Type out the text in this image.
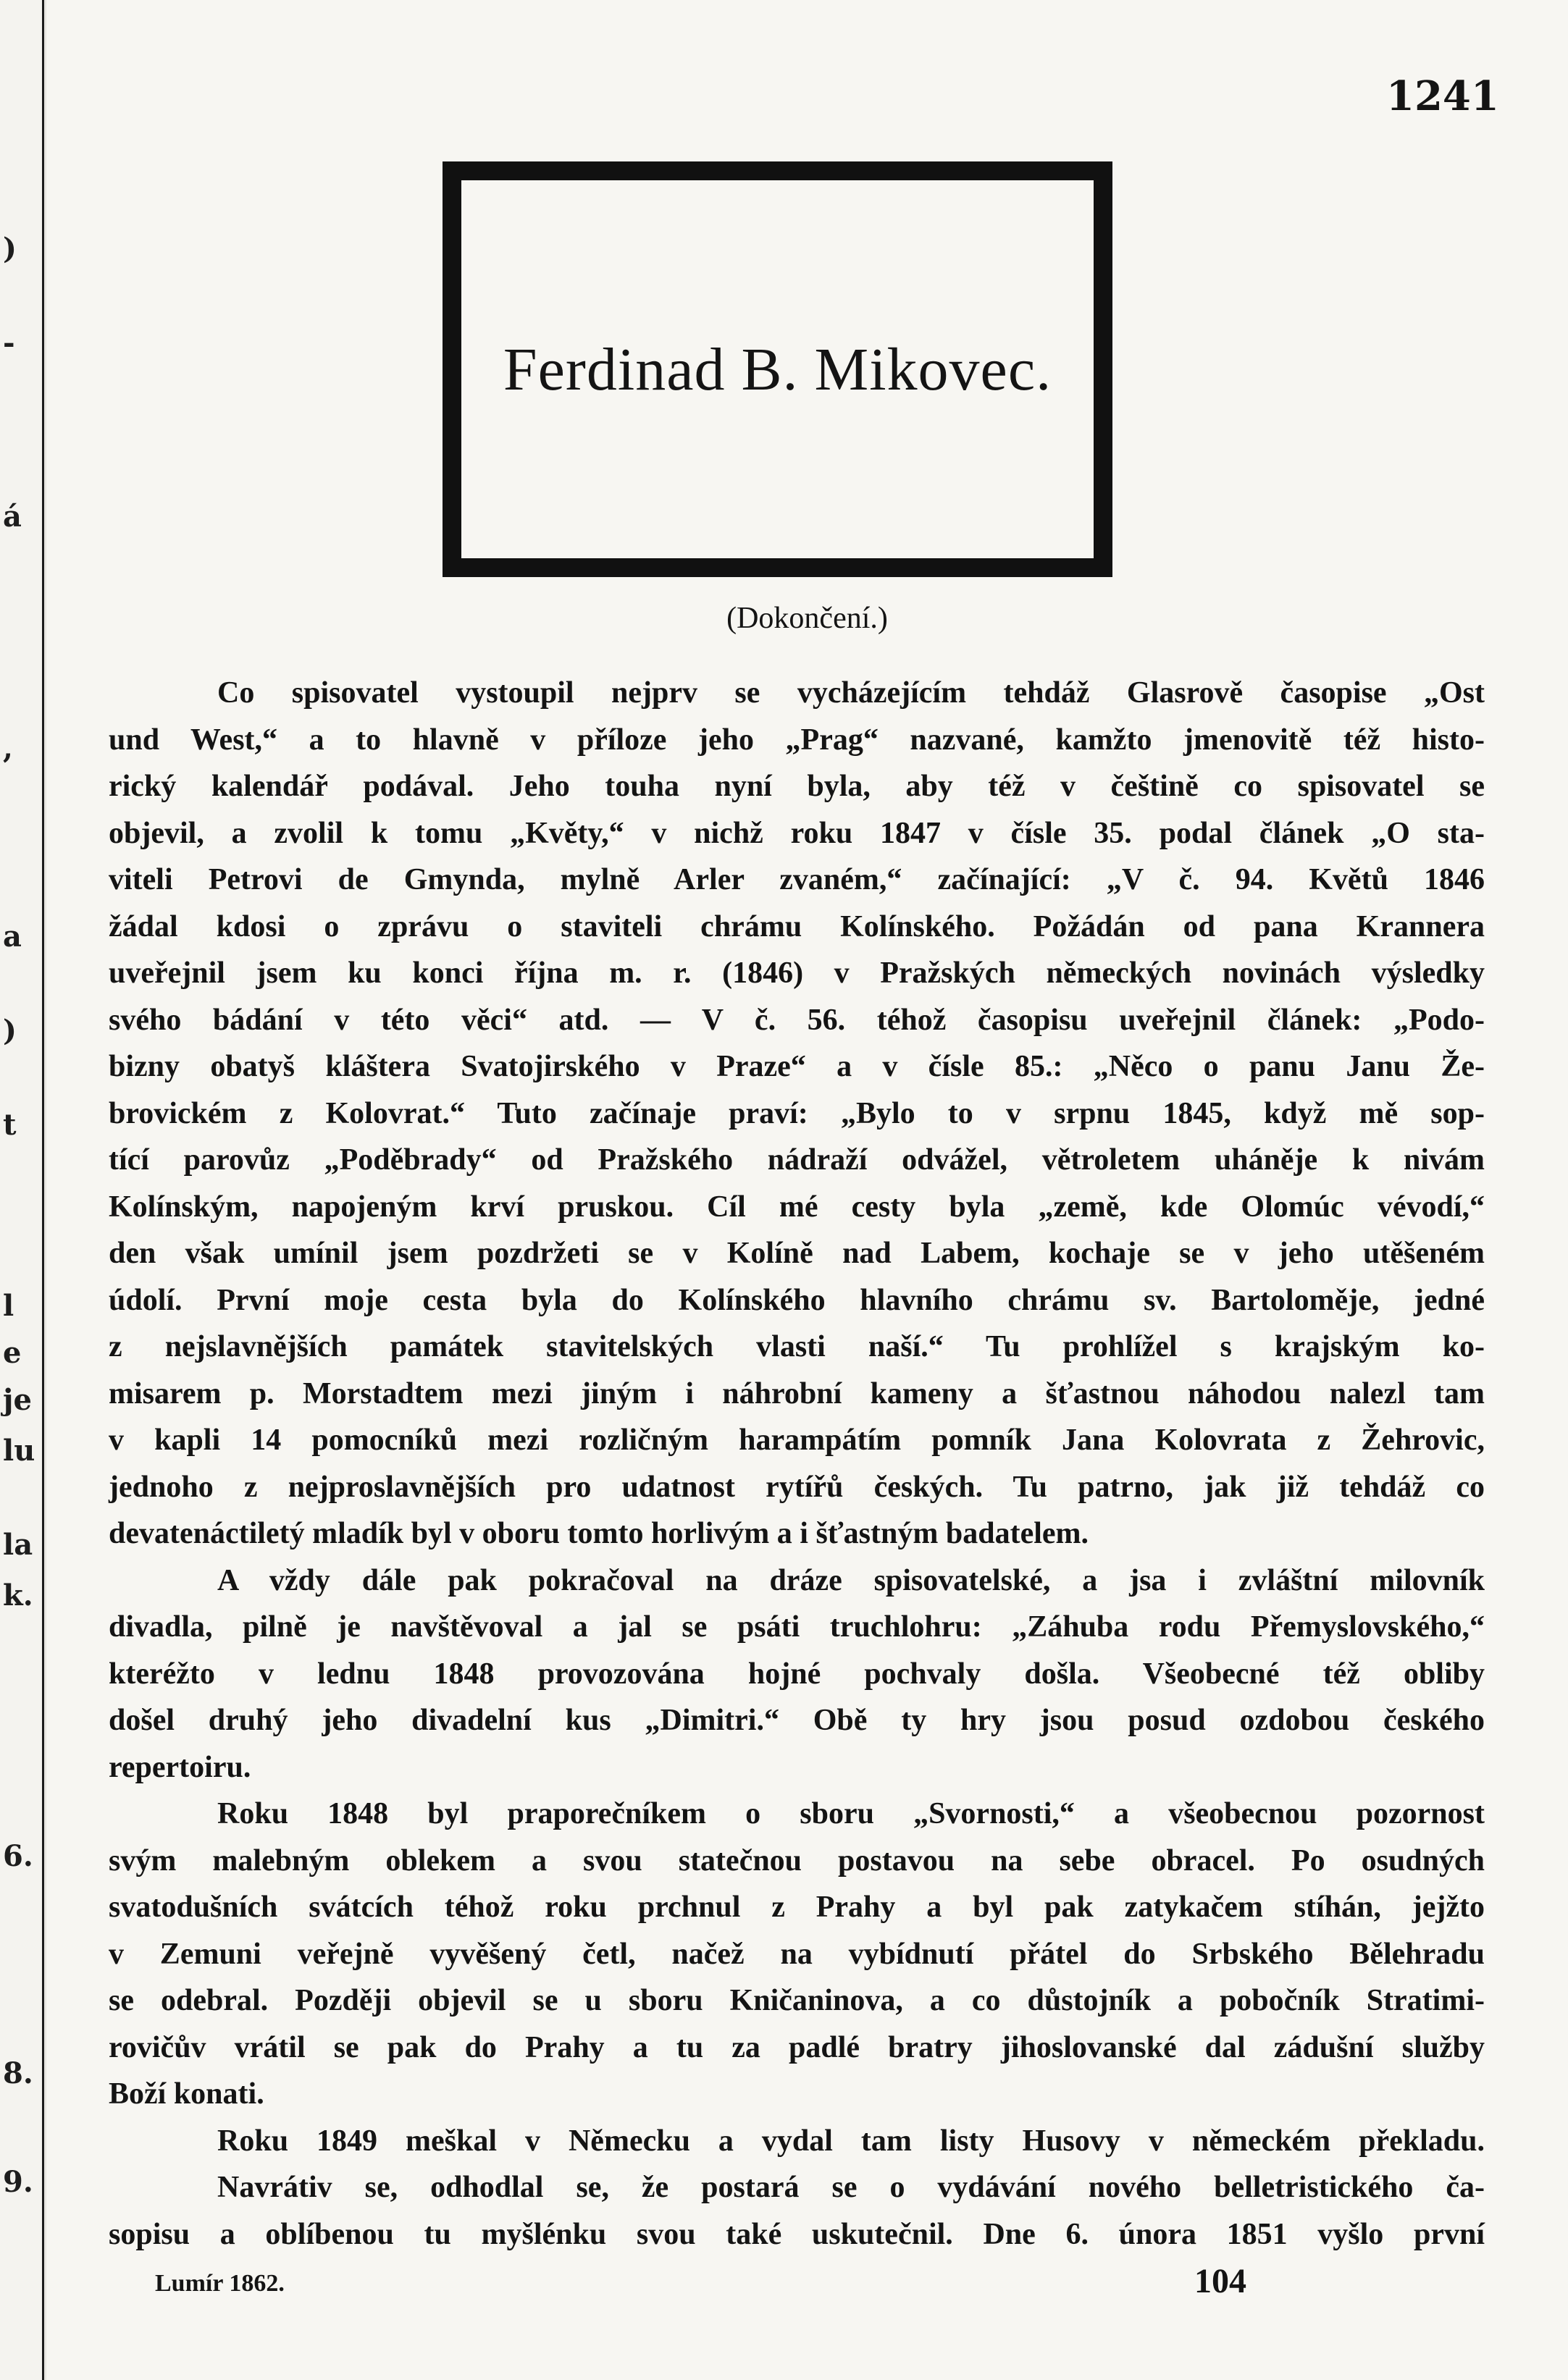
)
-
,
á
a
)
t
l
e
je
lu
la
k.
6.
8.
9.
1241
Ferdinad B. Mikovec.
(Dokončení.)
Co spisovatel vystoupil nejprv se vycházejícím tehdáž Glasrově časopise „Ost
und West,“ a to hlavně v příloze jeho „Prag“ nazvané, kamžto jmenovitě též histo-
rický kalendář podával. Jeho touha nyní byla, aby též v češtině co spisovatel se
objevil, a zvolil k tomu „Květy,“ v nichž roku 1847 v čísle 35. podal článek „O sta-
viteli Petrovi de Gmynda, mylně Arler zvaném,“ začínající: „V č. 94. Květů 1846
žádal kdosi o zprávu o staviteli chrámu Kolínského. Požádán od pana Krannera
uveřejnil jsem ku konci října m. r. (1846) v Pražských německých novinách výsledky
svého bádání v této věci“ atd. — V č. 56. téhož časopisu uveřejnil článek: „Podo-
bizny obatyš kláštera Svatojirského v Praze“ a v čísle 85.: „Něco o panu Janu Že-
brovickém z Kolovrat.“ Tuto začínaje praví: „Bylo to v srpnu 1845, když mě sop-
tící parovůz „Poděbrady“ od Pražského nádraží odvážel, větroletem uháněje k nivám
Kolínským, napojeným krví pruskou. Cíl mé cesty byla „země, kde Olomúc vévodí,“
den však umínil jsem pozdržeti se v Kolíně nad Labem, kochaje se v jeho utěšeném
údolí. První moje cesta byla do Kolínského hlavního chrámu sv. Bartoloměje, jedné
z nejslavnějších památek stavitelských vlasti naší.“ Tu prohlížel s krajským ko-
misarem p. Morstadtem mezi jiným i náhrobní kameny a šťastnou náhodou nalezl tam
v kapli 14 pomocníků mezi rozličným harampátím pomník Jana Kolovrata z Žehrovic,
jednoho z nejproslavnějších pro udatnost rytířů českých. Tu patrno, jak již tehdáž co
devatenáctiletý mladík byl v oboru tomto horlivým a i šťastným badatelem.
A vždy dále pak pokračoval na dráze spisovatelské, a jsa i zvláštní milovník
divadla, pilně je navštěvoval a jal se psáti truchlohru: „Záhuba rodu Přemyslovského,“
kteréžto v lednu 1848 provozována hojné pochvaly došla. Všeobecné též obliby
došel druhý jeho divadelní kus „Dimitri.“ Obě ty hry jsou posud ozdobou českého
repertoiru.
Roku 1848 byl praporečníkem o sboru „Svornosti,“ a všeobecnou pozornost
svým malebným oblekem a svou statečnou postavou na sebe obracel. Po osudných
svatodušních svátcích téhož roku prchnul z Prahy a byl pak zatykačem stíhán, jejžto
v Zemuni veřejně vyvěšený četl, načež na vybídnutí přátel do Srbského Bělehradu
se odebral. Později objevil se u sboru Kničaninova, a co důstojník a pobočník Stratimi-
rovičův vrátil se pak do Prahy a tu za padlé bratry jihoslovanské dal zádušní služby
Boží konati.
Roku 1849 meškal v Německu a vydal tam listy Husovy v německém překladu.
Navrátiv se, odhodlal se, že postará se o vydávání nového belletristického ča-
sopisu a oblíbenou tu myšlénku svou také uskutečnil. Dne 6. února 1851 vyšlo první
Lumír 1862.	104
